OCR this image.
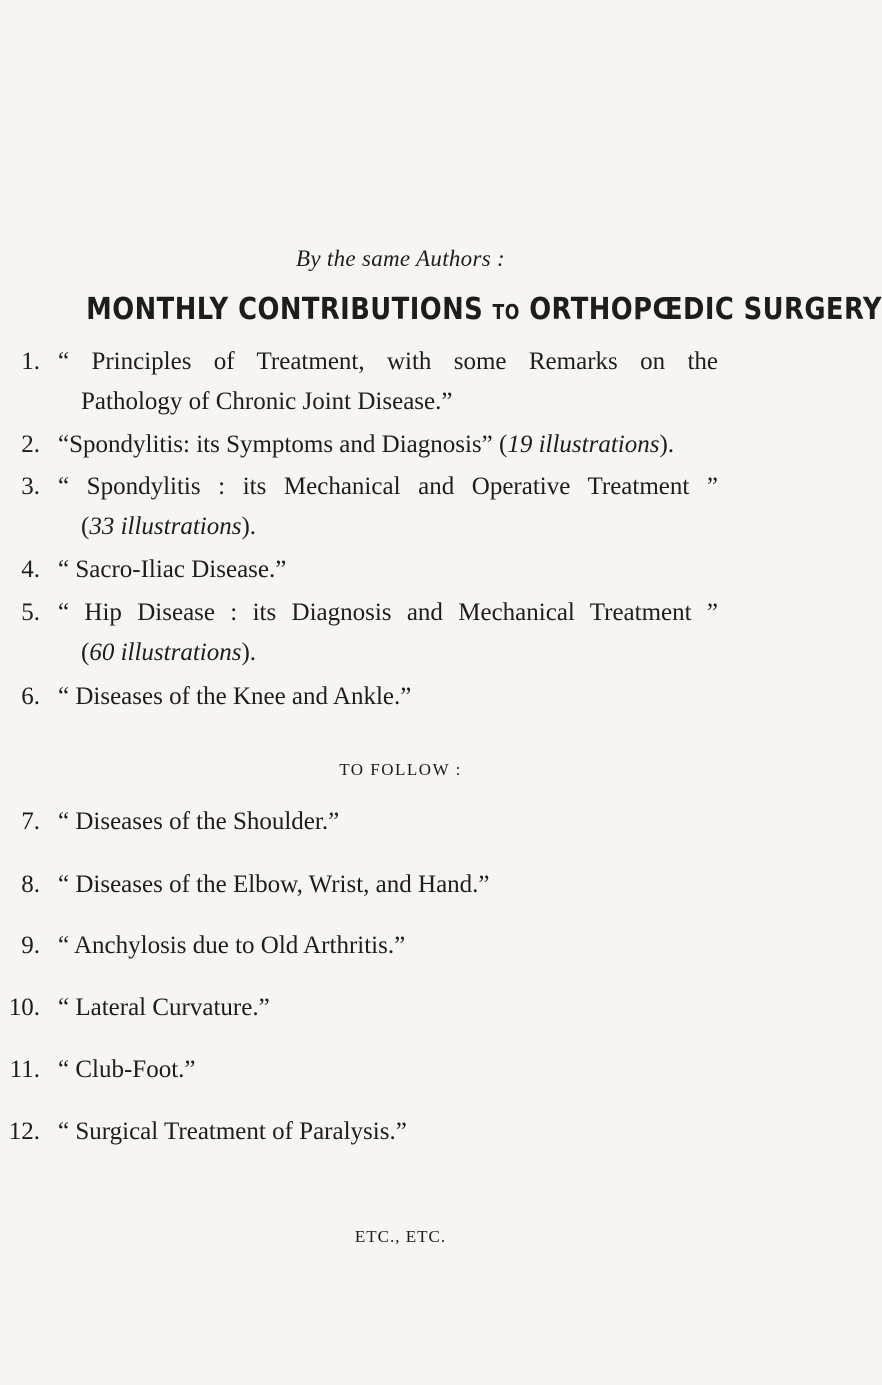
By the same Authors :
MONTHLY CONTRIBUTIONS TO ORTHOPŒDIC SURGERY
1. “ Principles of Treatment, with some Remarks on the
Pathology of Chronic Joint Disease.”
2. “Spondylitis: its Symptoms and Diagnosis” (19 illustrations).
3. “ Spondylitis : its Mechanical and Operative Treatment ”
(33 illustrations).
4. “ Sacro-Iliac Disease.”
5. “ Hip Disease : its Diagnosis and Mechanical Treatment ”
(60 illustrations).
6. “ Diseases of the Knee and Ankle.”
TO FOLLOW :
7. “ Diseases of the Shoulder.”
8. “ Diseases of the Elbow, Wrist, and Hand.”
9. “ Anchylosis due to Old Arthritis.”
10. “ Lateral Curvature.”
11. “ Club-Foot.”
12. “ Surgical Treatment of Paralysis.”
ETC., ETC.
